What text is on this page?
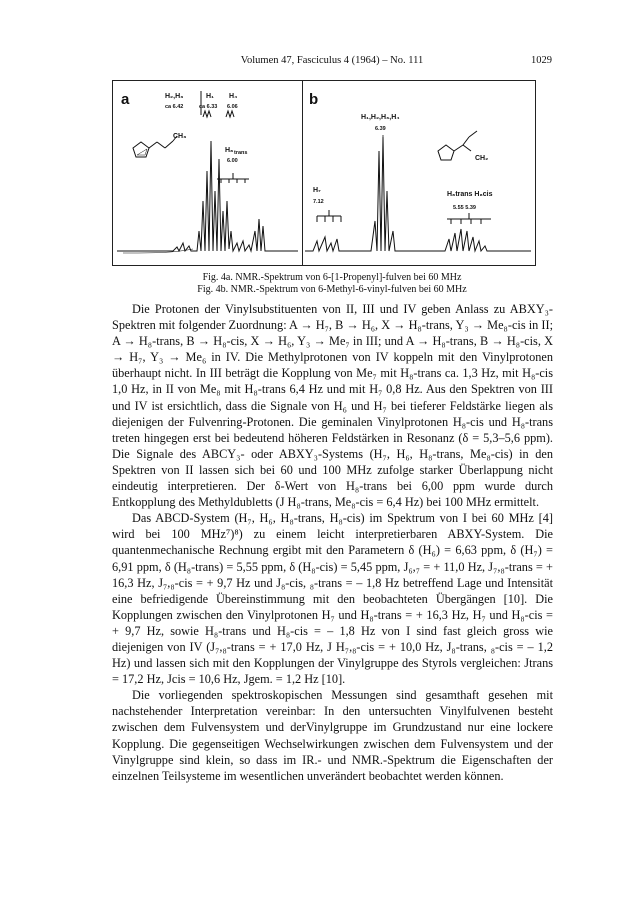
Volumen 47, Fasciculus 4 (1964) – No. 111	1029
a	H₂,H₃
ca 6.42
H₁
ca 6.33
H₄
6.06
CH₃
H₈ trans
6.00
b
H₁,H₂,H₃,H₄
6.39
CH₂
H₇
7.12
H₈trans H₈cis
5.55 5.39
Fig. 4a. NMR.-Spektrum von 6-[1-Propenyl]-fulven bei 60 MHz
Fig. 4b. NMR.-Spektrum von 6-Methyl-6-vinyl-fulven bei 60 MHz

Die Protonen der Vinylsubstituenten von II, III und IV geben Anlass zu ABXY₃-Spektren mit folgender Zuordnung: A → H₇, B → H₆, X → H₈-trans, Y₃ → Me₈-cis in II; A → H₈-trans, B → H₈-cis, X → H₆, Y₃ → Me₇ in III; und A → H₈-trans, B → H₈-cis, X → H₇, Y₃ → Me₆ in IV. Die Methylprotonen von IV koppeln mit den Vinylprotonen überhaupt nicht. In III beträgt die Kopplung von Me₇ mit H₈-trans ca. 1,3 Hz, mit H₈-cis 1,0 Hz, in II von Me₈ mit H₈-trans 6,4 Hz und mit H₇ 0,8 Hz. Aus den Spektren von III und IV ist ersichtlich, dass die Signale von H₆ und H₇ bei tieferer Feldstärke liegen als diejenigen der Fulvenring-Protonen. Die geminalen Vinylprotonen H₈-cis und H₈-trans treten hingegen erst bei bedeutend höheren Feldstärken in Resonanz (δ = 5,3–5,6 ppm). Die Signale des ABCY₃- oder ABXY₃-Systems (H₇, H₆, H₈-trans, Me₈-cis) in den Spektren von II lassen sich bei 60 und 100 MHz zufolge starker Überlappung nicht eindeutig interpretieren. Der δ-Wert von H₈-trans bei 6,00 ppm wurde durch Entkopplung des Methyldubletts (J H₈-trans, Me₈-cis = 6,4 Hz) bei 100 MHz ermittelt.

Das ABCD-System (H₇, H₆, H₈-trans, H₈-cis) im Spektrum von I bei 60 MHz [4] wird bei 100 MHz⁷)⁸) zu einem leicht interpretierbaren ABXY-System. Die quantenmechanische Rechnung ergibt mit den Parametern δ (H₆) = 6,63 ppm, δ (H₇) = 6,91 ppm, δ (H₈-trans) = 5,55 ppm, δ (H₈-cis) = 5,45 ppm, J₆,₇ = + 11,0 Hz, J₇,₈-trans = + 16,3 Hz, J₇,₈-cis = + 9,7 Hz und J₈-cis, ₈-trans = – 1,8 Hz betreffend Lage und Intensität eine befriedigende Übereinstimmung mit den beobachteten Übergängen [10]. Die Kopplungen zwischen den Vinylprotonen H₇ und H₈-trans = + 16,3 Hz, H₇ und H₈-cis = + 9,7 Hz, sowie H₈-trans und H₈-cis = – 1,8 Hz von I sind fast gleich gross wie diejenigen von IV (J₇,₈-trans = + 17,0 Hz, J H₇,₈-cis = + 10,0 Hz, J₈-trans, ₈-cis = – 1,2 Hz) und lassen sich mit den Kopplungen der Vinylgruppe des Styrols vergleichen: Jtrans = 17,2 Hz, Jcis = 10,6 Hz, Jgem. = 1,2 Hz [10].

Die vorliegenden spektroskopischen Messungen sind gesamthaft gesehen mit nachstehender Interpretation vereinbar: In den untersuchten Vinylfulvenen besteht zwischen dem Fulvensystem und derVinylgruppe im Grundzustand nur eine lockere Kopplung. Die gegenseitigen Wechselwirkungen zwischen dem Fulvensystem und der Vinylgruppe sind klein, so dass im IR.- und NMR.-Spektrum die Eigenschaften der einzelnen Teilsysteme im wesentlichen unverändert beobachtet werden können.
